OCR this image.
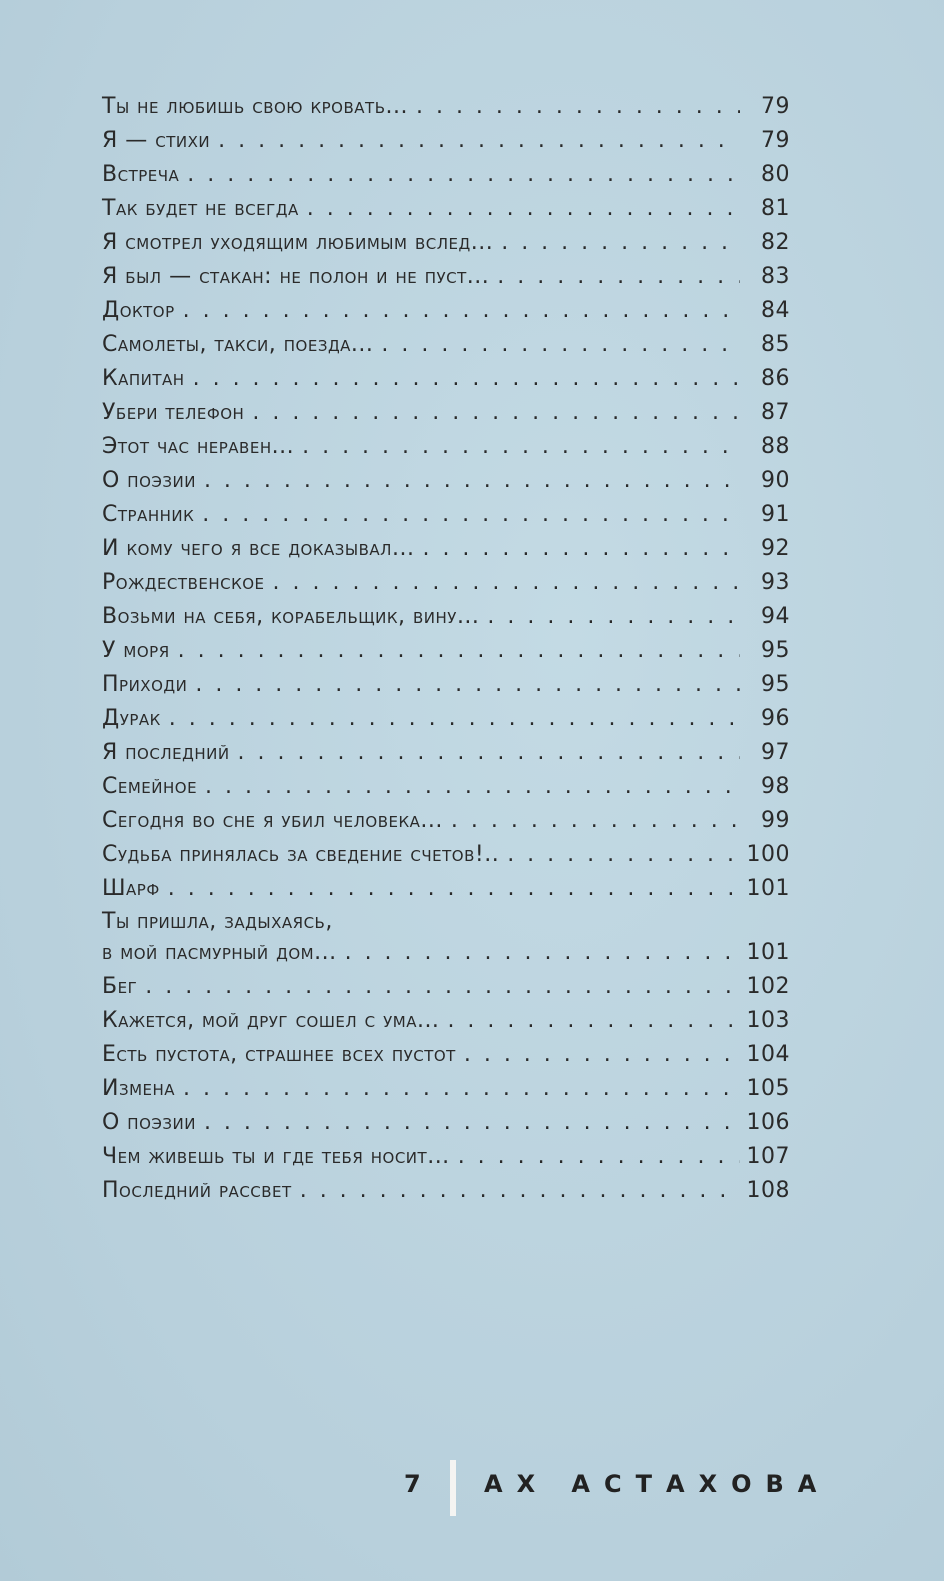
Ты не любишь свою кровать... . . .	79
Я — стихи . . .	79
Встреча . . .	80
Так будет не всегда . . .	81
Я смотрел уходящим любимым вслед... . . .	82
Я был — стакан: не полон и не пуст... . . .	83
Доктор . . .	84
Самолеты, такси, поезда... . . .	85
Капитан . . .	86
Убери телефон . . .	87
Этот час неравен... . . .	88
О поэзии . . .	90
Странник . . .	91
И кому чего я все доказывал... . . .	92
Рождественское . . .	93
Возьми на себя, корабельщик, вину... . . .	94
У моря . . .	95
Приходи . . .	95
Дурак . . .	96
Я последний . . .	97
Семейное . . .	98
Сегодня во сне я убил человека... . . .	99
Судьба принялась за сведение счетов!.. . . .	100
Шарф . . .	101
Ты пришла, задыхаясь,
в мой пасмурный дом... . . .	101
Бег . . .	102
Кажется, мой друг сошел с ума... . . .	103
Есть пустота, страшнее всех пустот . . .	104
Измена . . .	105
О поэзии . . .	106
Чем живешь ты и где тебя носит... . . .	107
Последний рассвет . . .	108
7	АХ АСТАХОВА
